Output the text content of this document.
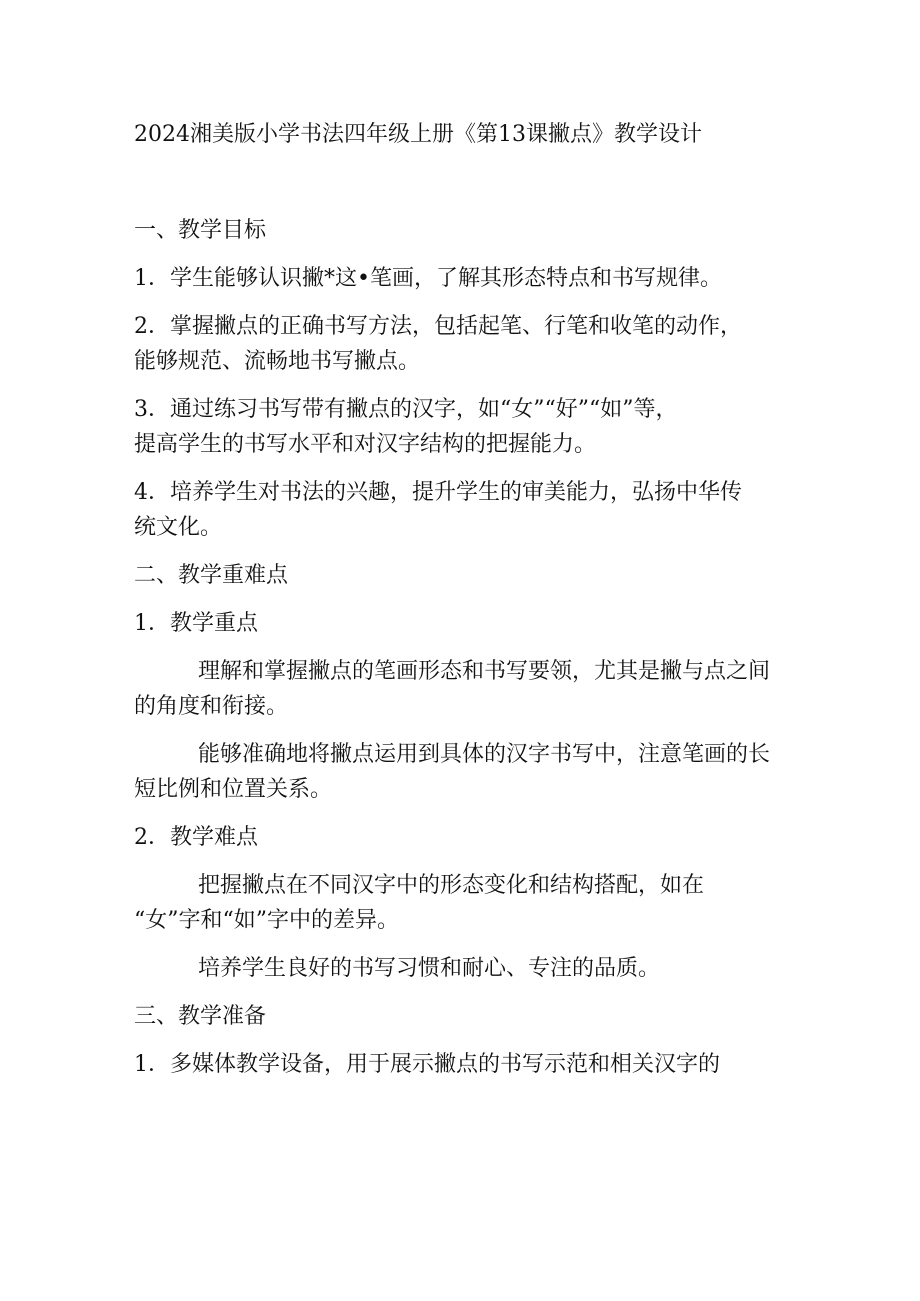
2024湘美版小学书法四年级上册《第13课撇点》教学设计
一、教学目标
1．学生能够认识撇*这•笔画，了解其形态特点和书写规律。
2．掌握撇点的正确书写方法，包括起笔、行笔和收笔的动作，
能够规范、流畅地书写撇点。
3．通过练习书写带有撇点的汉字，如“女”“好”“如”等，
提高学生的书写水平和对汉字结构的把握能力。
4．培养学生对书法的兴趣，提升学生的审美能力，弘扬中华传
统文化。
二、教学重难点
1．教学重点
理解和掌握撇点的笔画形态和书写要领，尤其是撇与点之间
的角度和衔接。
能够准确地将撇点运用到具体的汉字书写中，注意笔画的长
短比例和位置关系。
2．教学难点
把握撇点在不同汉字中的形态变化和结构搭配，如在
“女”字和“如”字中的差异。
培养学生良好的书写习惯和耐心、专注的品质。
三、教学准备
1．多媒体教学设备，用于展示撇点的书写示范和相关汉字的
